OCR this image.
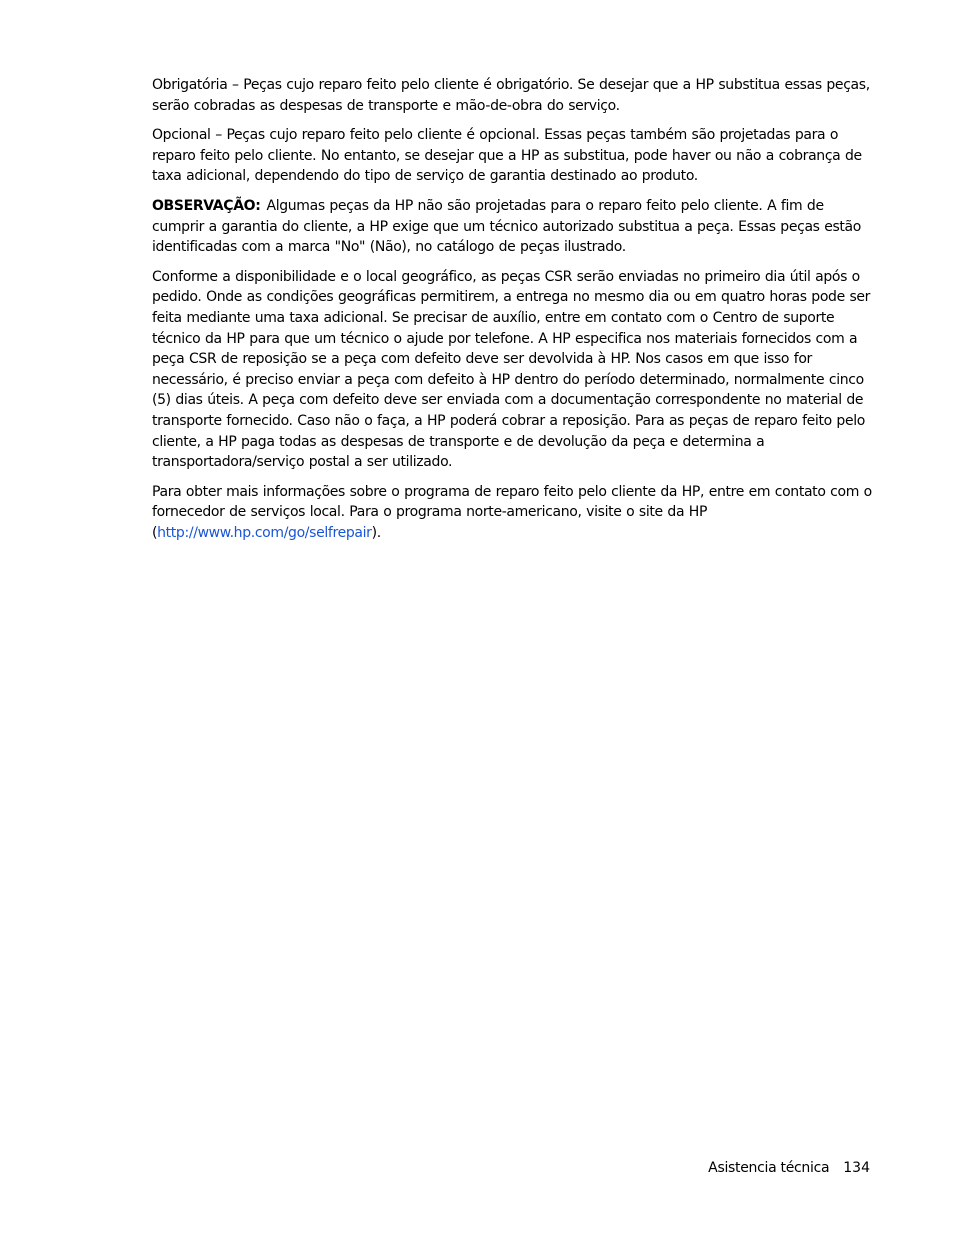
Obrigatória – Peças cujo reparo feito pelo cliente é obrigatório. Se desejar que a HP substitua essas peças, serão cobradas as despesas de transporte e mão-de-obra do serviço.

Opcional – Peças cujo reparo feito pelo cliente é opcional. Essas peças também são projetadas para o reparo feito pelo cliente. No entanto, se desejar que a HP as substitua, pode haver ou não a cobrança de taxa adicional, dependendo do tipo de serviço de garantia destinado ao produto.

OBSERVAÇÃO: Algumas peças da HP não são projetadas para o reparo feito pelo cliente. A fim de cumprir a garantia do cliente, a HP exige que um técnico autorizado substitua a peça. Essas peças estão identificadas com a marca "No" (Não), no catálogo de peças ilustrado.

Conforme a disponibilidade e o local geográfico, as peças CSR serão enviadas no primeiro dia útil após o pedido. Onde as condições geográficas permitirem, a entrega no mesmo dia ou em quatro horas pode ser feita mediante uma taxa adicional. Se precisar de auxílio, entre em contato com o Centro de suporte técnico da HP para que um técnico o ajude por telefone. A HP especifica nos materiais fornecidos com a peça CSR de reposição se a peça com defeito deve ser devolvida à HP. Nos casos em que isso for necessário, é preciso enviar a peça com defeito à HP dentro do período determinado, normalmente cinco (5) dias úteis. A peça com defeito deve ser enviada com a documentação correspondente no material de transporte fornecido. Caso não o faça, a HP poderá cobrar a reposição. Para as peças de reparo feito pelo cliente, a HP paga todas as despesas de transporte e de devolução da peça e determina a transportadora/serviço postal a ser utilizado.

Para obter mais informações sobre o programa de reparo feito pelo cliente da HP, entre em contato com o fornecedor de serviços local. Para o programa norte-americano, visite o site da HP (http://www.hp.com/go/selfrepair).

Asistencia técnica 134
